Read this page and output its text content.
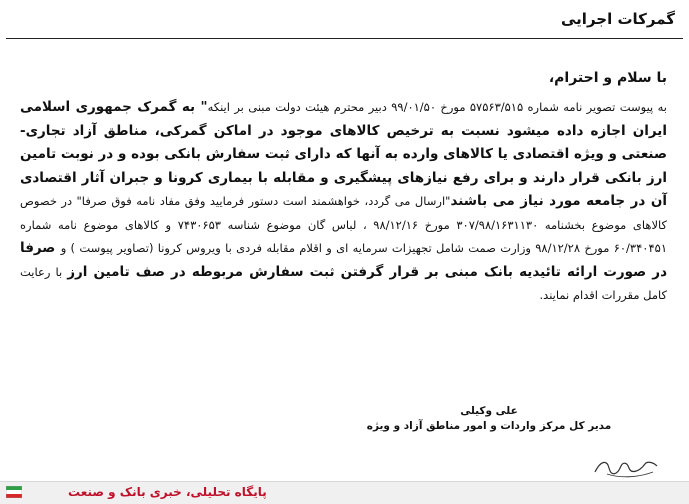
گمرکات اجرایی
با سلام و احترام،
به پیوست تصویر نامه شماره ۵۷۵۶۳/۵۱۵ مورخ ۹۹/۰۱/۵۰ دبیر محترم هیئت دولت مبنی بر اینکه" به گمرک جمهوری اسلامی ایران اجازه داده میشود نسبت به ترخیص کالاهای موجود در اماکن گمرکی، مناطق آزاد تجاری- صنعتی و ویژه اقتصادی یا کالاهای وارده به آنها که دارای ثبت سفارش بانکی بوده و در نوبت تامین ارز بانکی قرار دارند و برای رفع نیازهای پیشگیری و مقابله با بیماری کرونا و جبران آثار اقتصادی آن در جامعه مورد نیاز می باشند"ارسال می گردد، خواهشمند است دستور فرمایید وفق مفاد نامه فوق صرفا" در خصوص کالاهای موضوع بخشنامه ۳۰۷/۹۸/۱۶۳۱۱۳۰ مورخ ۹۸/۱۲/۱۶ ، لباس گان موضوع شناسه ۷۴۳۰۶۵۳ و کالاهای موضوع نامه شماره ۶۰/۳۴۰۴۵۱ مورخ ۹۸/۱۲/۲۸ وزارت صمت شامل تجهیزات سرمایه ای و اقلام مقابله فردی با ویروس کرونا (تصاویر پیوست ) و صرفا در صورت ارائه تائیدیه بانک مبنی بر قرار گرفتن ثبت سفارش مربوطه در صف تامین ارز با رعایت کامل مقررات اقدام نمایند.
علی وکیلی
مدیر کل مرکز واردات و امور مناطق آزاد و ویژه
پایگاه تحلیلی، خبری بانک و صنعت
